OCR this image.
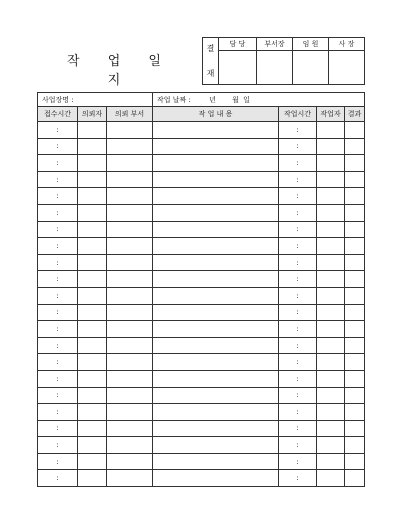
작 업 일 지
결
재	담 당	부서장	임 원	사 장

사업장명 :			작업 날짜 : 년 월 일			
접수시간	의뢰자	의뢰 부서	작 업 내 용	작업시간	작업자	결과
:				:		
:				:		
:				:		
:				:		
:				:		
:				:		
:				:		
:				:		
:				:		
:				:		
:				:		
:				:		
:				:		
:				:		
:				:		
:				:		
:				:		
:				:		
:				:		
:				:		
:				:		
:				:		
